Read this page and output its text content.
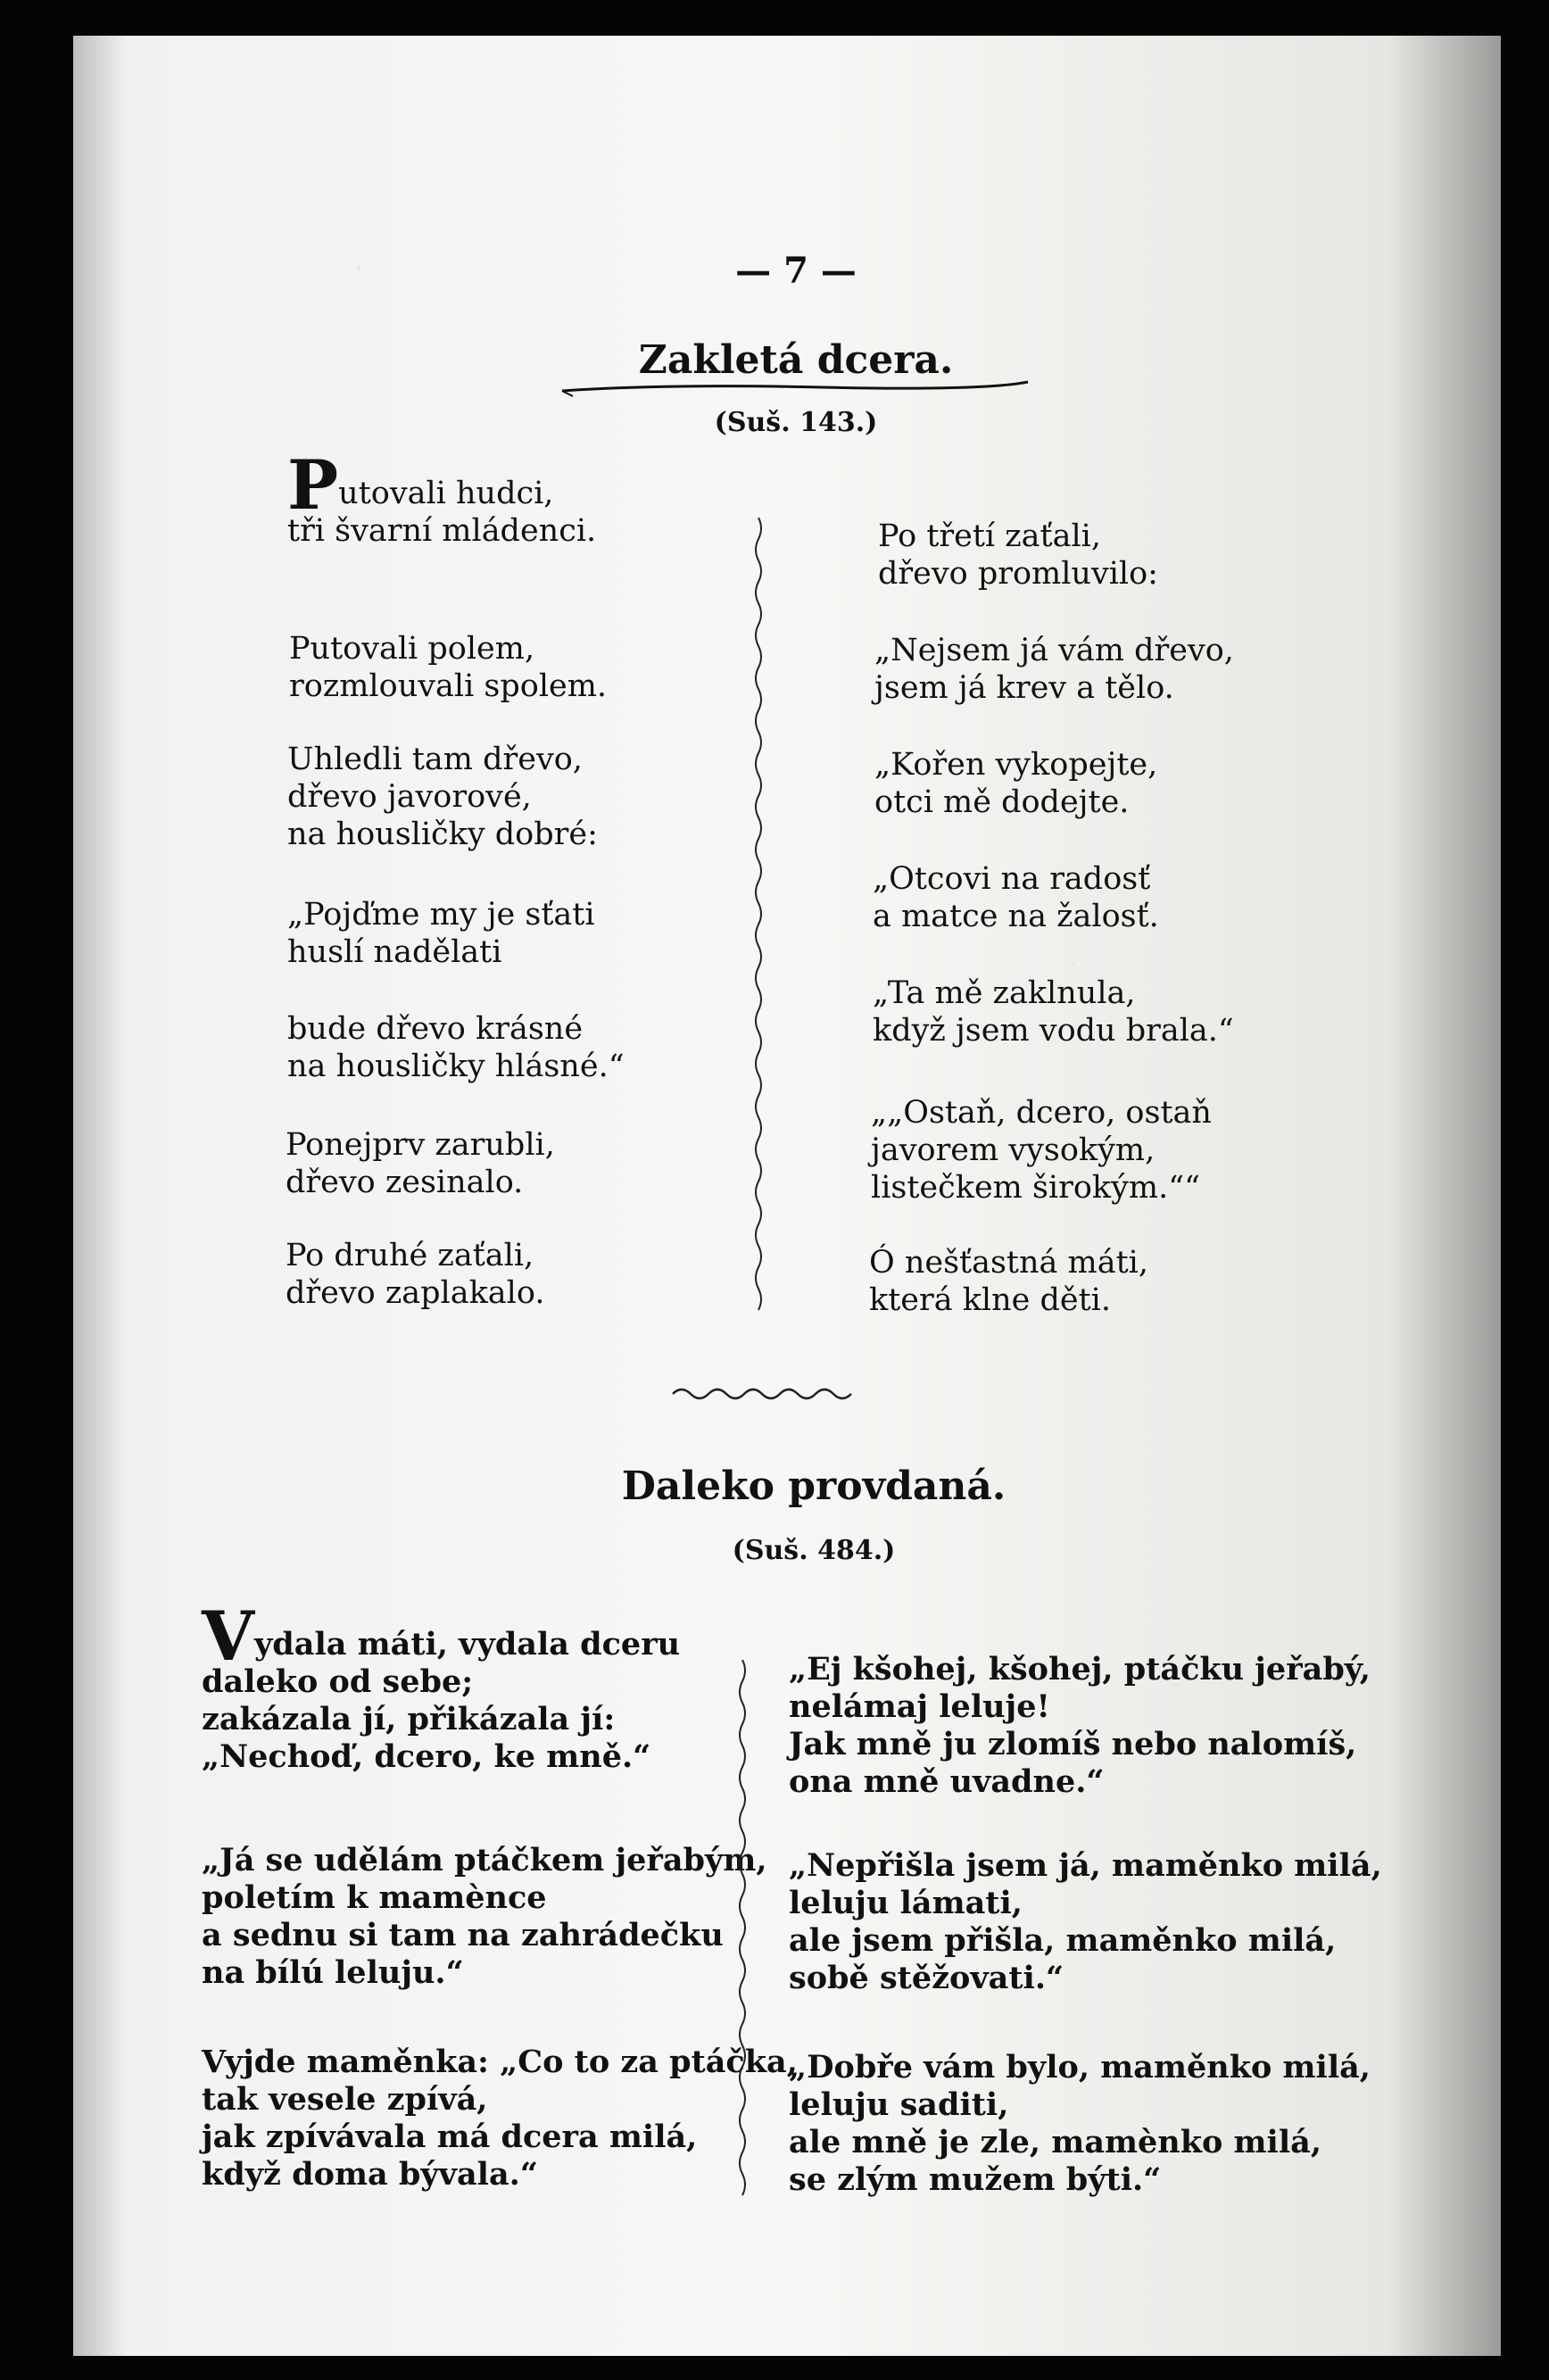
— 7 —
Zakletá dcera.
(Suš. 143.)
Putovali hudci,
tři švarní mládenci.
Putovali polem,
rozmlouvali spolem.
Uhledli tam dřevo,
dřevo javorové,
na housličky dobré:
„Pojďme my je sťati
huslí nadělati
bude dřevo krásné
na housličky hlásné.“
Ponejprv zarubli,
dřevo zesinalo.
Po druhé zaťali,
dřevo zaplakalo.
Po třetí zaťali,
dřevo promluvilo:
„Nejsem já vám dřevo,
jsem já krev a tělo.
„Kořen vykopejte,
otci mě dodejte.
„Otcovi na radosť
a matce na žalosť.
„Ta mě zaklnula,
když jsem vodu brala.“
„„Ostaň, dcero, ostaň
javorem vysokým,
listečkem širokým.““
Ó nešťastná máti,
která klne děti.
Daleko provdaná.
(Suš. 484.)
Vydala máti, vydala dceru
daleko od sebe;
zakázala jí, přikázala jí:
„Nechoď, dcero, ke mně.“
„Já se udělám ptáčkem jeřabým,
poletím k mamènce
a sednu si tam na zahrádečku
na bílú leluju.“
Vyjde maměnka: „Co to za ptáčka,
tak vesele zpívá,
jak zpívávala má dcera milá,
když doma bývala.“
„Ej kšohej, kšohej, ptáčku jeřabý,
nelámaj leluje!
Jak mně ju zlomíš nebo nalomíš,
ona mně uvadne.“
„Nepřišla jsem já, maměnko milá,
leluju lámati,
ale jsem přišla, maměnko milá,
sobě stěžovati.“
„Dobře vám bylo, maměnko milá,
leluju saditi,
ale mně je zle, mamènko milá,
se zlým mužem býti.“
